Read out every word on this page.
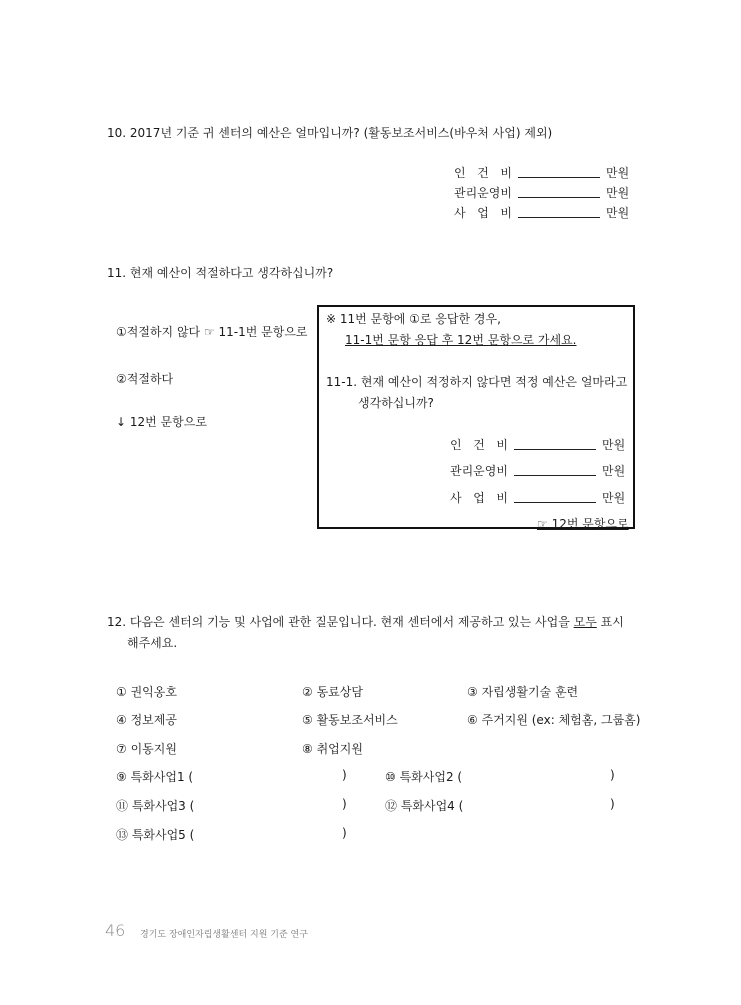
10. 2017년 기준 귀 센터의 예산은 얼마입니까? (활동보조서비스(바우처 사업) 제외)
인 건 비	만원
관리운영비	만원
사 업 비	만원
11. 현재 예산이 적절하다고 생각하십니까?
①적절하지 않다 ☞ 11-1번 문항으로
②적절하다
↓ 12번 문항으로
※ 11번 문항에 ①로 응답한 경우,
11-1번 문항 응답 후 12번 문항으로 가세요.
11-1. 현재 예산이 적정하지 않다면 적정 예산은 얼마라고
생각하십니까?
인 건 비	만원
관리운영비	만원
사 업 비	만원
☞ 12번 문항으로
12. 다음은 센터의 기능 및 사업에 관한 질문입니다. 현재 센터에서 제공하고 있는 사업을 모두 표시
해주세요.
① 권익옹호	② 동료상담	③ 자립생활기술 훈련
④ 정보제공	⑤ 활동보조서비스	⑥ 주거지원 (ex: 체험홈, 그룹홈)
⑦ 이동지원	⑧ 취업지원
⑨ 특화사업1 (	)	⑩ 특화사업2 (	)
⑪ 특화사업3 (	)	⑫ 특화사업4 (	)
⑬ 특화사업5 (	)
46 경기도 장애인자립생활센터 지원 기준 연구
